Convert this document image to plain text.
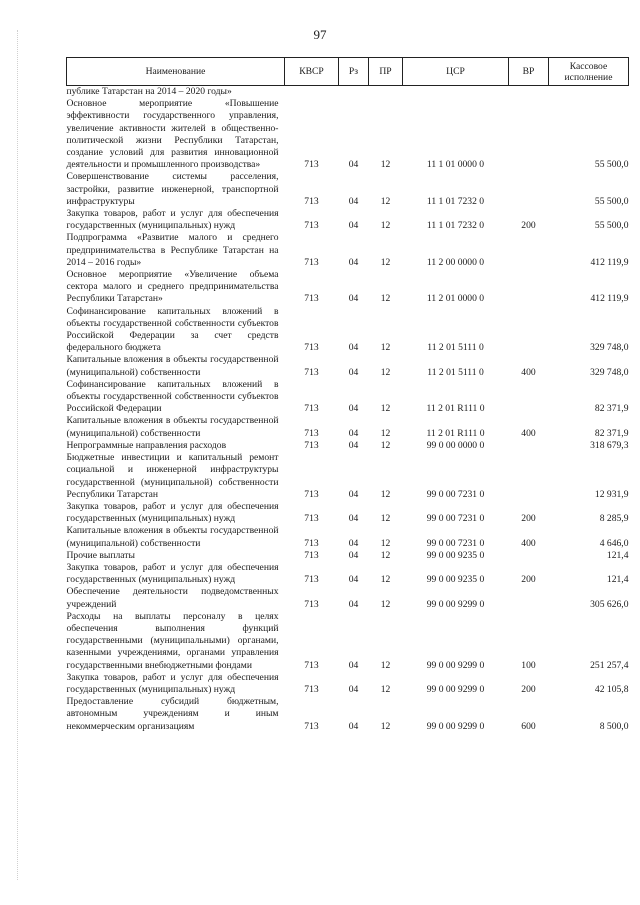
97
Наименование	КВСР	Рз	ПР	ЦСР	ВР	Кассовое исполнение
публике Татарстан на 2014 – 2020 годы»						
Основное мероприятие «Повышение эффективности государственного управления, увеличение активности жителей в общественно-политической жизни Республики Татарстан, создание условий для развития инновационной деятельности и промышленного производства»	713	04	12	11 1 01 0000 0		55 500,0
Совершенствование системы расселения, застройки, развитие инженерной, транспортной инфраструктуры	713	04	12	11 1 01 7232 0		55 500,0
Закупка товаров, работ и услуг для обеспечения государственных (муниципальных) нужд	713	04	12	11 1 01 7232 0	200	55 500,0
Подпрограмма «Развитие малого и среднего предпринимательства в Республике Татарстан на 2014 – 2016 годы»	713	04	12	11 2 00 0000 0		412 119,9
Основное мероприятие «Увеличение объема сектора малого и среднего предпринимательства Республики Татарстан»	713	04	12	11 2 01 0000 0		412 119,9
Софинансирование капитальных вложений в объекты государственной собственности субъектов Российской Федерации за счет средств федерального бюджета	713	04	12	11 2 01 5111 0		329 748,0
Капитальные вложения в объекты государственной (муниципальной) собственности	713	04	12	11 2 01 5111 0	400	329 748,0
Софинансирование капитальных вложений в объекты государственной собственности субъектов Российской Федерации	713	04	12	11 2 01 R111 0		82 371,9
Капитальные вложения в объекты государственной (муниципальной) собственности	713	04	12	11 2 01 R111 0	400	82 371,9
Непрограммные направления расходов	713	04	12	99 0 00 0000 0		318 679,3
Бюджетные инвестиции и капитальный ремонт социальной и инженерной инфраструктуры государственной (муниципальной) собственности Республики Татарстан	713	04	12	99 0 00 7231 0		12 931,9
Закупка товаров, работ и услуг для обеспечения государственных (муниципальных) нужд	713	04	12	99 0 00 7231 0	200	8 285,9
Капитальные вложения в объекты государственной (муниципальной) собственности	713	04	12	99 0 00 7231 0	400	4 646,0
Прочие выплаты	713	04	12	99 0 00 9235 0		121,4
Закупка товаров, работ и услуг для обеспечения государственных (муниципальных) нужд	713	04	12	99 0 00 9235 0	200	121,4
Обеспечение деятельности подведомственных учреждений	713	04	12	99 0 00 9299 0		305 626,0
Расходы на выплаты персоналу в целях обеспечения выполнения функций государственными (муниципальными) органами, казенными учреждениями, органами управления государственными внебюджетными фондами	713	04	12	99 0 00 9299 0	100	251 257,4
Закупка товаров, работ и услуг для обеспечения государственных (муниципальных) нужд	713	04	12	99 0 00 9299 0	200	42 105,8
Предоставление субсидий бюджетным, автономным учреждениям и иным некоммерческим организациям	713	04	12	99 0 00 9299 0	600	8 500,0
